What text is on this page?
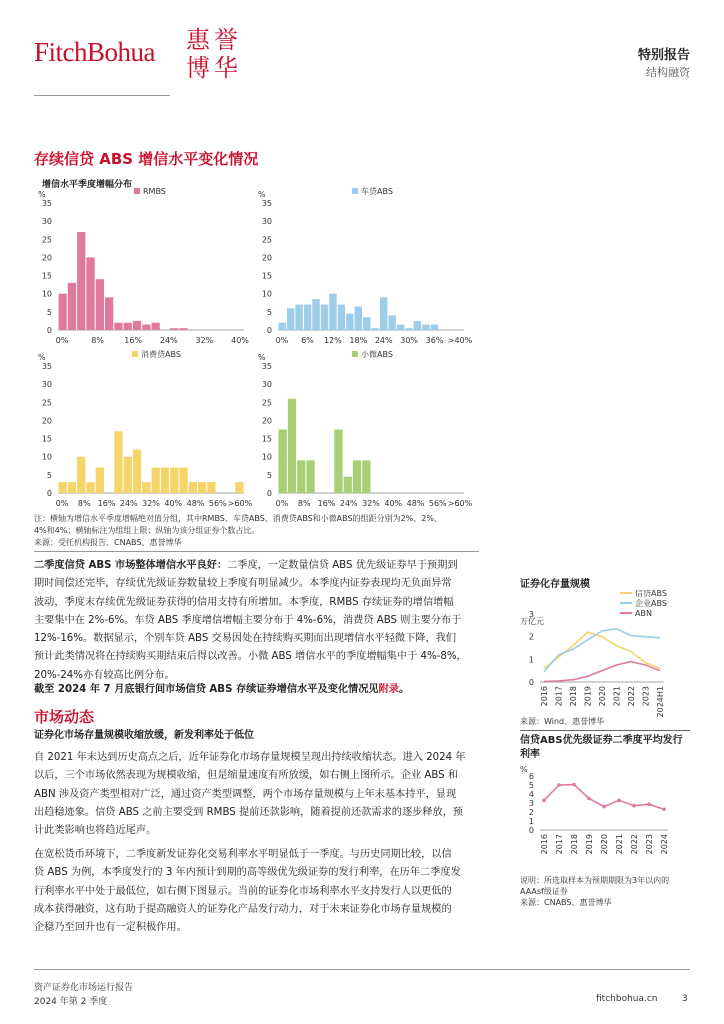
FitchBohua 惠 誉
博 华	特别报告
结构融资
存续信贷 ABS 增信水平变化情况
增信水平季度增幅分布
%
35
30
25
20
15
10
5
0
0%	8%	16% 24% 32% 40%
RMBS	%
35
30
25
20
15
10
5
0
0% 6% 12% 18% 24% 30% 36% >40%
车贷ABS
%
35
30
25
20
15
10
5
0
0% 8% 16% 24% 32% 40% 48% 56% >60%
消费贷ABS	%
35
30
25
20
15
10
5
0
0% 8% 16% 24% 32% 40% 48% 56% >60%
小微ABS
注：横轴为增信水平季度增幅绝对值分组，其中RMBS、车贷ABS、消费贷ABS和小微ABS的组距分别为2%、2%、
4%和4%；横轴标注为组组上限；纵轴为该分组证券个数占比。
来源：受托机构报告、CNABS、惠誉博华
二季度信贷 ABS 市场整体增信水平良好：二季度，一定数量信贷 ABS 优先级证券早于预期到
期时间偿还完毕，存续优先级证券数量较上季度有明显减少。本季度内证券表现均无负面异常
波动，季度末存续优先级证券获得的信用支持有所增加。本季度，RMBS 存续证券的增信增幅
主要集中在 2%-6%。车贷 ABS 季度增信增幅主要分布于 4%-6%，消费贷 ABS 则主要分布于
12%-16%。数据显示，个别车贷 ABS 交易因处在持续购买期而出现增信水平轻微下降，我们
预计此类情况将在持续购买期结束后得以改善。小微 ABS 增信水平的季度增幅集中于 4%-8%，
20%-24%亦有较高比例分布。
截至 2024 年 7 月底银行间市场信贷 ABS 存续证券增信水平及变化情况见附录。
市场动态
证券化市场存量规模收缩放缓，新发利率处于低位
自 2021 年末达到历史高点之后，近年证券化市场存量规模呈现出持续收缩状态。进入 2024 年
以后，三个市场依然表现为规模收缩，但是缩量速度有所放缓，如右侧上图所示。企业 ABS 和
ABN 涉及资产类型相对广泛，通过资产类型调整，两个市场存量规模与上年末基本持平，显现
出趋稳迹象。信贷 ABS 之前主要受到 RMBS 提前还款影响，随着提前还款需求的逐步释放，预
计此类影响也将趋近尾声。
在宽松货币环境下，二季度新发证券化交易利率水平明显低于一季度。与历史同期比较，以信
贷 ABS 为例，本季度发行的 3 年内预计到期的高等级优先级证券的发行利率，在历年二季度发
行利率水平中处于最低位，如右侧下图显示。当前的证券化市场利率水平支持发行人以更低的
成本获得融资，这有助于提高融资人的证券化产品发行动力，对于未来证券化市场存量规模的
企稳乃至回升也有一定积极作用。
证券化存量规模
万亿元
3
2
1
0
2016 2017 2018 2019 2020 2021 2022 2023 2024H1
信贷ABS
企业ABS
ABN
来源：Wind、惠誉博华
信贷ABS优先级证券二季度平均发行利率
%
6
5
4
3
2
1
0
2016 2017 2018 2019 2020 2021 2022 2023 2024
说明：所选取样本为预期期限为3年以内的
AAAsf级证券
来源：CNABS、惠誉博华
资产证券化市场运行报告
2024 年第 2 季度	fitchbohua.cn	3
